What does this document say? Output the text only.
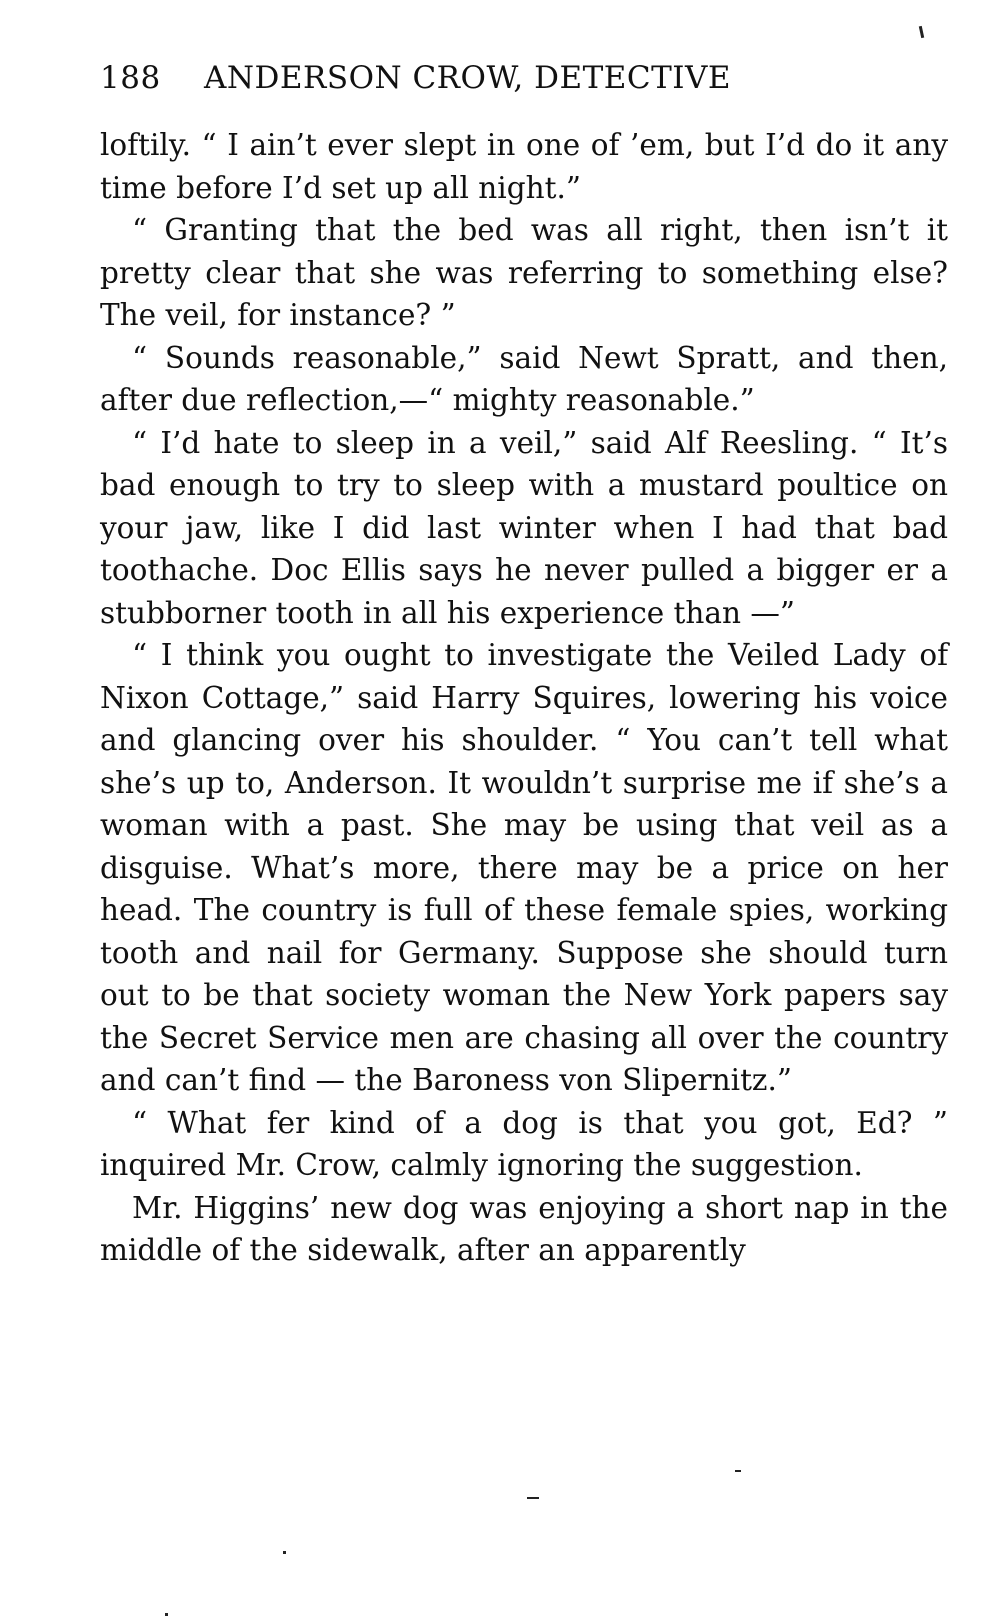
188 ANDERSON CROW, DETECTIVE

loftily. “ I ain’t ever slept in one of ’em, but I’d do it any time before I’d set up all night.”

“ Granting that the bed was all right, then isn’t it pretty clear that she was referring to something else? The veil, for instance? ”

“ Sounds reasonable,” said Newt Spratt, and then, after due reflection,—“ mighty reasonable.”

“ I’d hate to sleep in a veil,” said Alf Reesling. “ It’s bad enough to try to sleep with a mustard poultice on your jaw, like I did last winter when I had that bad toothache. Doc Ellis says he never pulled a bigger er a stubborner tooth in all his experience than —”

“ I think you ought to investigate the Veiled Lady of Nixon Cottage,” said Harry Squires, lowering his voice and glancing over his shoulder. “ You can’t tell what she’s up to, Anderson. It wouldn’t surprise me if she’s a woman with a past. She may be using that veil as a disguise. What’s more, there may be a price on her head. The country is full of these female spies, working tooth and nail for Germany. Suppose she should turn out to be that society woman the New York papers say the Secret Service men are chasing all over the country and can’t find — the Baroness von Slipernitz.”

“ What fer kind of a dog is that you got, Ed? ” inquired Mr. Crow, calmly ignoring the suggestion.

Mr. Higgins’ new dog was enjoying a short nap in the middle of the sidewalk, after an apparently
